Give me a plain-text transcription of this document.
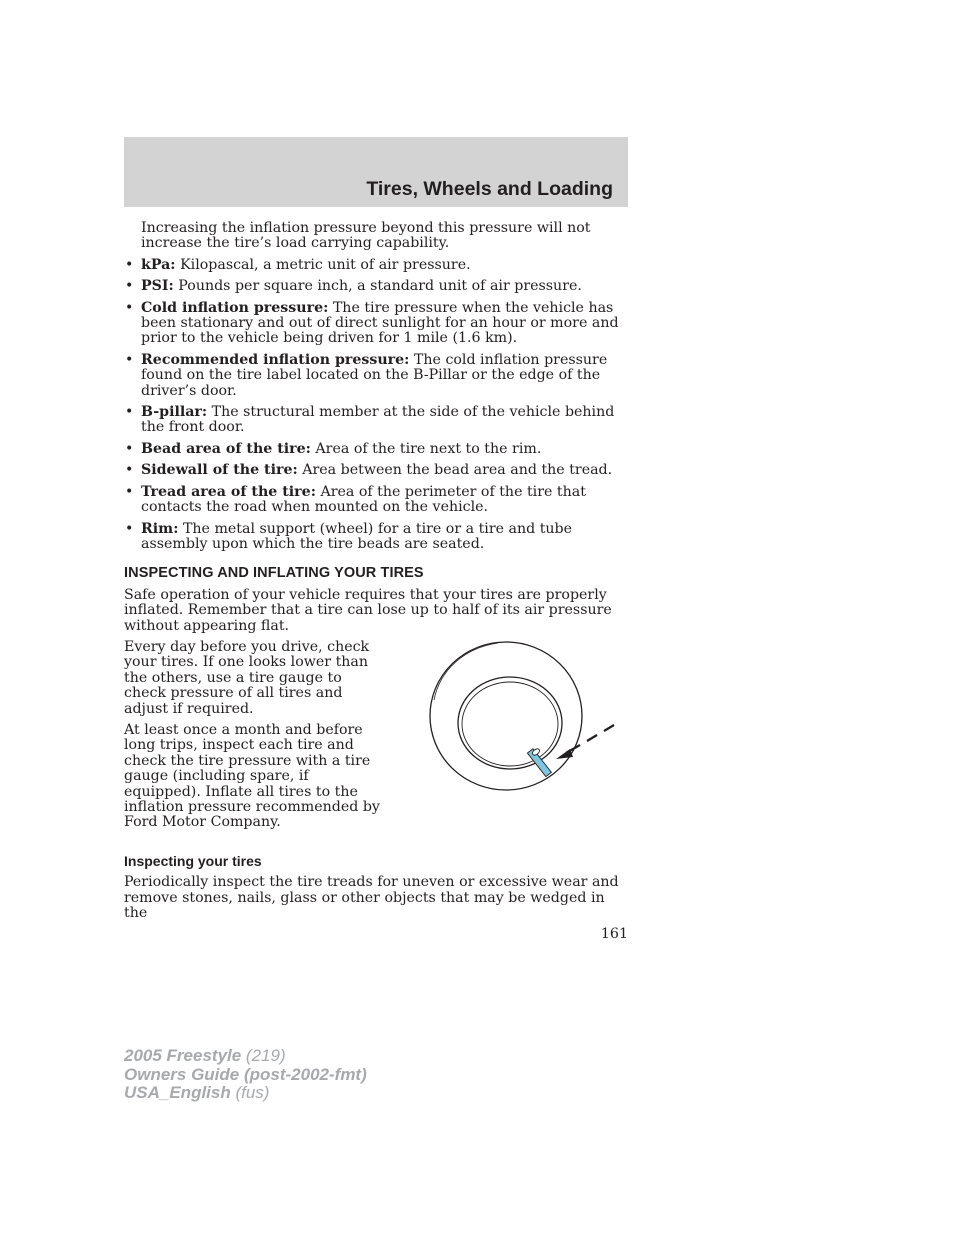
Tires, Wheels and Loading

Increasing the inflation pressure beyond this pressure will not increase the tire’s load carrying capability.

• kPa: Kilopascal, a metric unit of air pressure.
• PSI: Pounds per square inch, a standard unit of air pressure.
• Cold inflation pressure: The tire pressure when the vehicle has been stationary and out of direct sunlight for an hour or more and prior to the vehicle being driven for 1 mile (1.6 km).
• Recommended inflation pressure: The cold inflation pressure found on the tire label located on the B-Pillar or the edge of the driver’s door.
• B-pillar: The structural member at the side of the vehicle behind the front door.
• Bead area of the tire: Area of the tire next to the rim.
• Sidewall of the tire: Area between the bead area and the tread.
• Tread area of the tire: Area of the perimeter of the tire that contacts the road when mounted on the vehicle.
• Rim: The metal support (wheel) for a tire or a tire and tube assembly upon which the tire beads are seated.
INSPECTING AND INFLATING YOUR TIRES

Safe operation of your vehicle requires that your tires are properly inflated. Remember that a tire can lose up to half of its air pressure without appearing flat.

Every day before you drive, check your tires. If one looks lower than the others, use a tire gauge to check pressure of all tires and adjust if required.

At least once a month and before long trips, inspect each tire and check the tire pressure with a tire gauge (including spare, if equipped). Inflate all tires to the inflation pressure recommended by Ford Motor Company.

Inspecting your tires

Periodically inspect the tire treads for uneven or excessive wear and remove stones, nails, glass or other objects that may be wedged in the

161
2005 Freestyle (219)
Owners Guide (post-2002-fmt)
USA_English (fus)
